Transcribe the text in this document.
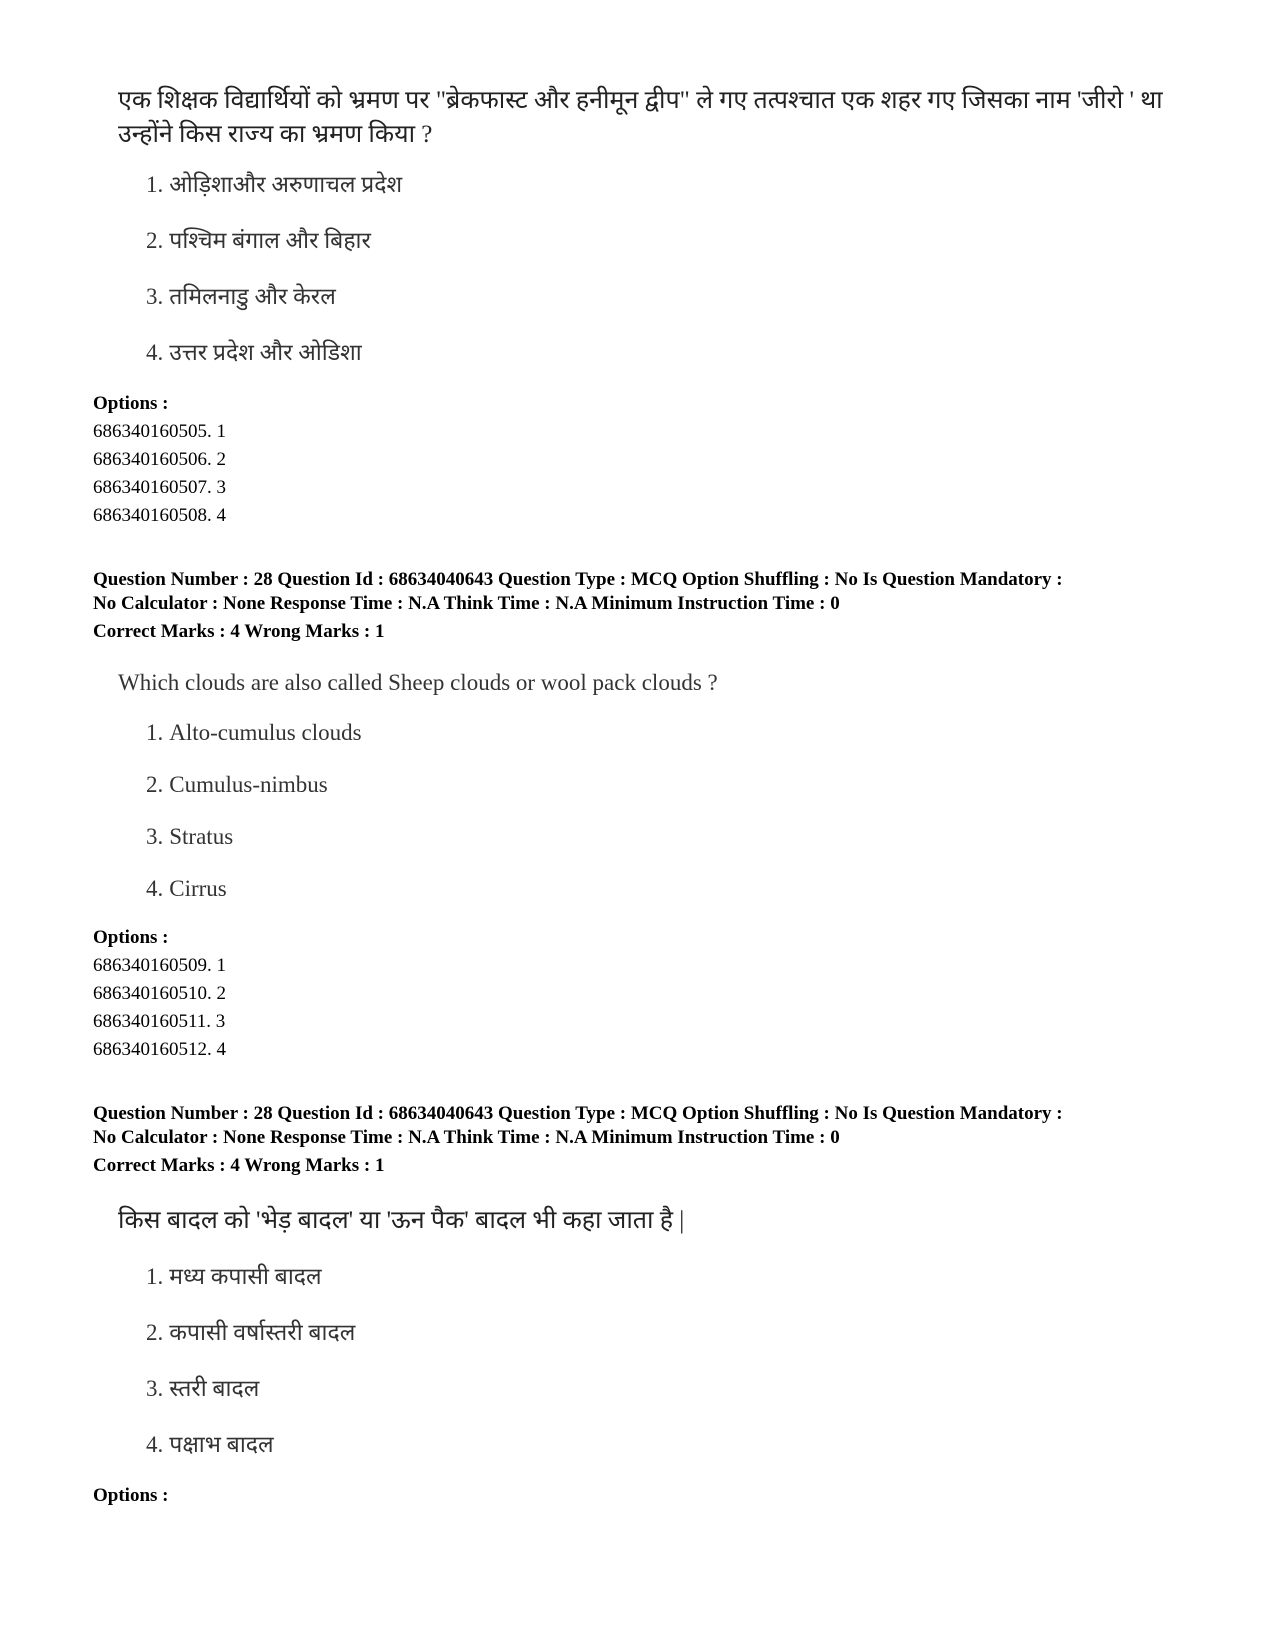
एक शिक्षक विद्यार्थियों को भ्रमण पर "ब्रेकफास्ट और हनीमून द्वीप" ले गए तत्पश्चात एक शहर गए जिसका नाम 'जीरो ' था
उन्होंने किस राज्य का भ्रमण किया ?
1. ओड़िशाऔर अरुणाचल प्रदेश
2. पश्चिम बंगाल और बिहार
3. तमिलनाडु और केरल
4. उत्तर प्रदेश और ओडिशा
Options :
686340160505. 1
686340160506. 2
686340160507. 3
686340160508. 4
Question Number : 28 Question Id : 68634040643 Question Type : MCQ Option Shuffling : No Is Question Mandatory :
No Calculator : None Response Time : N.A Think Time : N.A Minimum Instruction Time : 0
Correct Marks : 4 Wrong Marks : 1
Which clouds are also called Sheep clouds or wool pack clouds ?
1. Alto-cumulus clouds
2. Cumulus-nimbus
3. Stratus
4. Cirrus
Options :
686340160509. 1
686340160510. 2
686340160511. 3
686340160512. 4
Question Number : 28 Question Id : 68634040643 Question Type : MCQ Option Shuffling : No Is Question Mandatory :
No Calculator : None Response Time : N.A Think Time : N.A Minimum Instruction Time : 0
Correct Marks : 4 Wrong Marks : 1
किस बादल को 'भेड़ बादल' या 'ऊन पैक' बादल भी कहा जाता है |
1. मध्य कपासी बादल
2. कपासी वर्षास्तरी बादल
3. स्तरी बादल
4. पक्षाभ बादल
Options :
